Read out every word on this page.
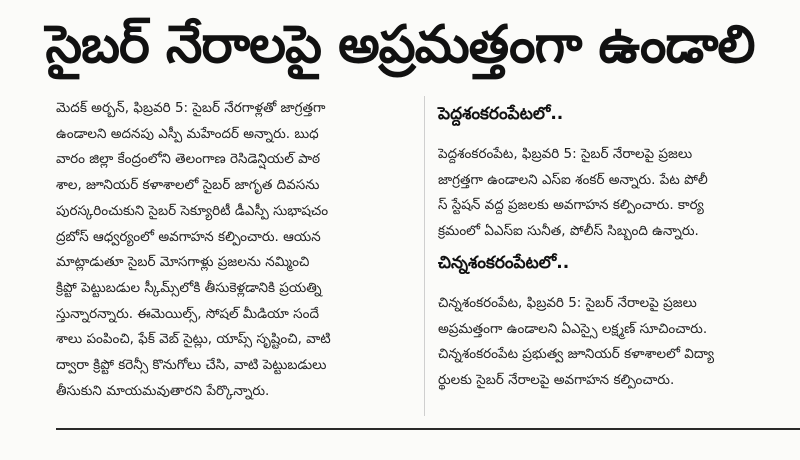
సైబర్ నేరాలపై అప్రమత్తంగా ఉండాలి
మెదక్ అర్బన్, ఫిబ్రవరి 5: సైబర్ నేరగాళ్లతో జాగ్రత్తగా
ఉండాలని అదనపు ఎస్పీ మహేందర్ అన్నారు. బుధ
వారం జిల్లా కేంద్రంలోని తెలంగాణ రెసిడెన్షియల్ పాఠ
శాల, జూనియర్ కళాశాలలో సైబర్ జాగృత దివసను
పురస్కరించుకుని సైబర్ సెక్యూరిటీ డీఎస్పీ సుభాషచం
ద్రబోస్ ఆధ్వర్యంలో అవగాహన కల్పించారు. ఆయన
మాట్లాడుతూ సైబర్ మోసగాళ్లు ప్రజలను నమ్మించి
క్రిప్టో పెట్టుబడుల స్కీమ్స్‌లోకి తీసుకెళ్లడానికి ప్రయత్ని
స్తున్నారన్నారు. ఈమెయిల్స్, సోషల్ మీడియా సందే
శాలు పంపించి, ఫేక్ వెబ్ సైట్లు, యాప్స్ సృష్టించి, వాటి
ద్వారా క్రిప్టో కరెన్సీ కొనుగోలు చేసి, వాటి పెట్టుబడులు
తీసుకుని మాయమవుతారని పేర్కొన్నారు.
పెద్దశంకరంపేటలో..
పెద్దశంకరంపేట, ఫిబ్రవరి 5: సైబర్ నేరాలపై ప్రజలు
జాగ్రత్తగా ఉండాలని ఎస్ఐ శంకర్ అన్నారు. పేట పోలీ
స్ స్టేషన్ వద్ద ప్రజలకు అవగాహన కల్పించారు. కార్య
క్రమంలో ఏఎస్ఐ సునీత, పోలీస్ సిబ్బంది ఉన్నారు.
చిన్నశంకరంపేటలో..
చిన్నశంకరంపేట, ఫిబ్రవరి 5: సైబర్ నేరాలపై ప్రజలు
అప్రమత్తంగా ఉండాలని ఏఎస్సై లక్ష్మణ్ సూచించారు.
చిన్నశంకరంపేట ప్రభుత్వ జూనియర్ కళాశాలలో విద్యా
ర్థులకు సైబర్ నేరాలపై అవగాహన కల్పించారు.
